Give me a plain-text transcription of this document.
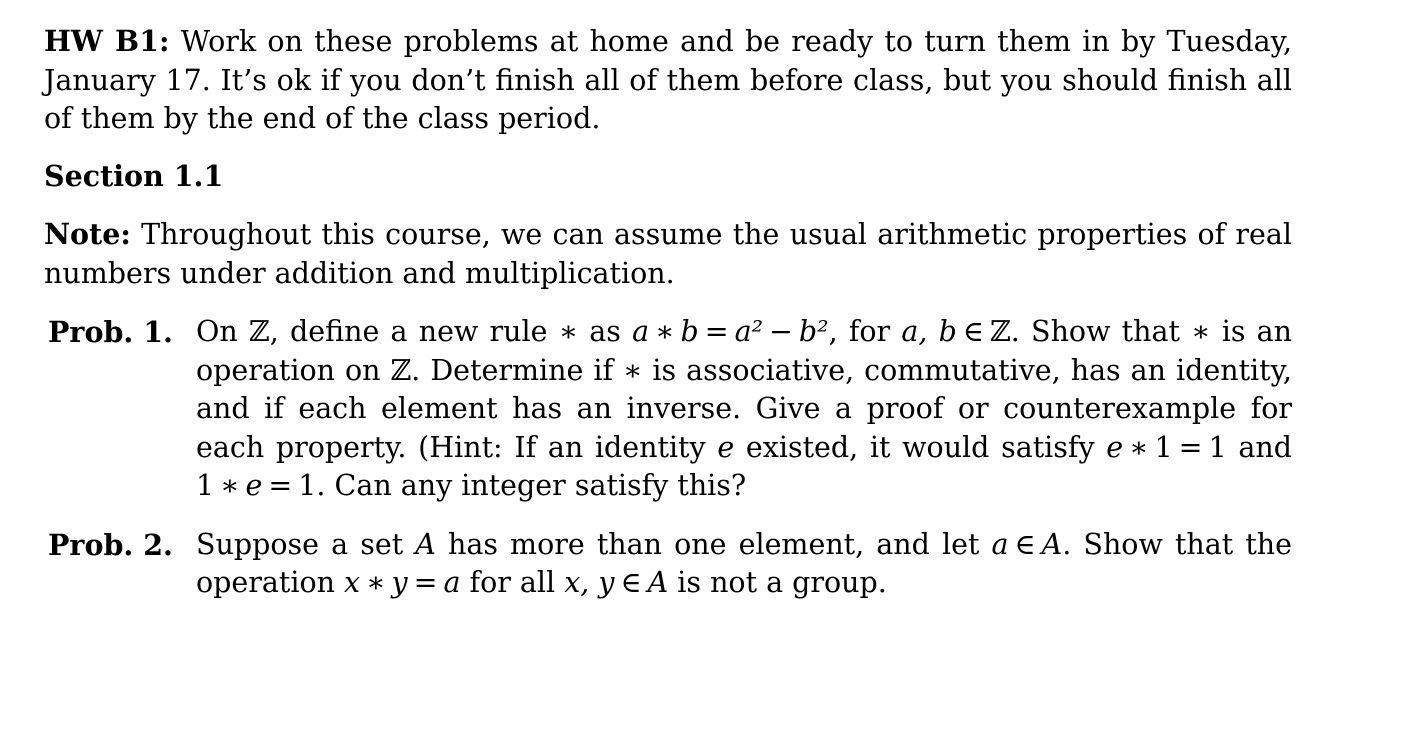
HW B1: Work on these problems at home and be ready to turn them in by Tuesday, January 17. It’s ok if you don’t finish all of them before class, but you should finish all of them by the end of the class period.

Section 1.1

Note: Throughout this course, we can assume the usual arithmetic properties of real numbers under addition and multiplication.

Prob. 1. On ℤ, define a new rule ∗ as a ∗ b = a² − b², for a, b ∈ ℤ. Show that ∗ is an operation on ℤ. Determine if ∗ is associative, commutative, has an identity, and if each element has an inverse. Give a proof or counterexample for each property. (Hint: If an identity e existed, it would satisfy e ∗ 1 = 1 and 1 ∗ e = 1. Can any integer satisfy this?
Prob. 2. Suppose a set A has more than one element, and let a ∈ A. Show that the operation x ∗ y = a for all x, y ∈ A is not a group.
